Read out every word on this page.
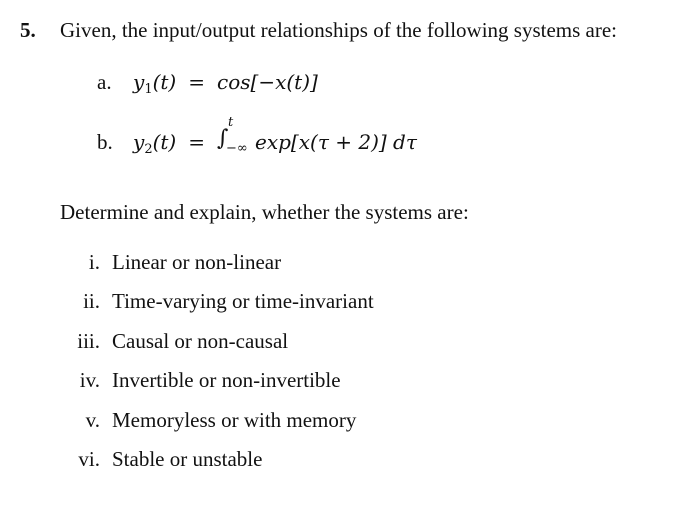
5. Given, the input/output relationships of the following systems are:
a. $y_1(t) = \cos[-x(t)]$
b. $y_2(t)$ = ∫
t
−∞ exp[x(τ + 2)] dτ
Determine and explain, whether the systems are:
i. Linear or non-linear
ii. Time-varying or time-invariant
iii. Causal or non-causal
iv. Invertible or non-invertible
v. Memoryless or with memory
vi. Stable or unstable
